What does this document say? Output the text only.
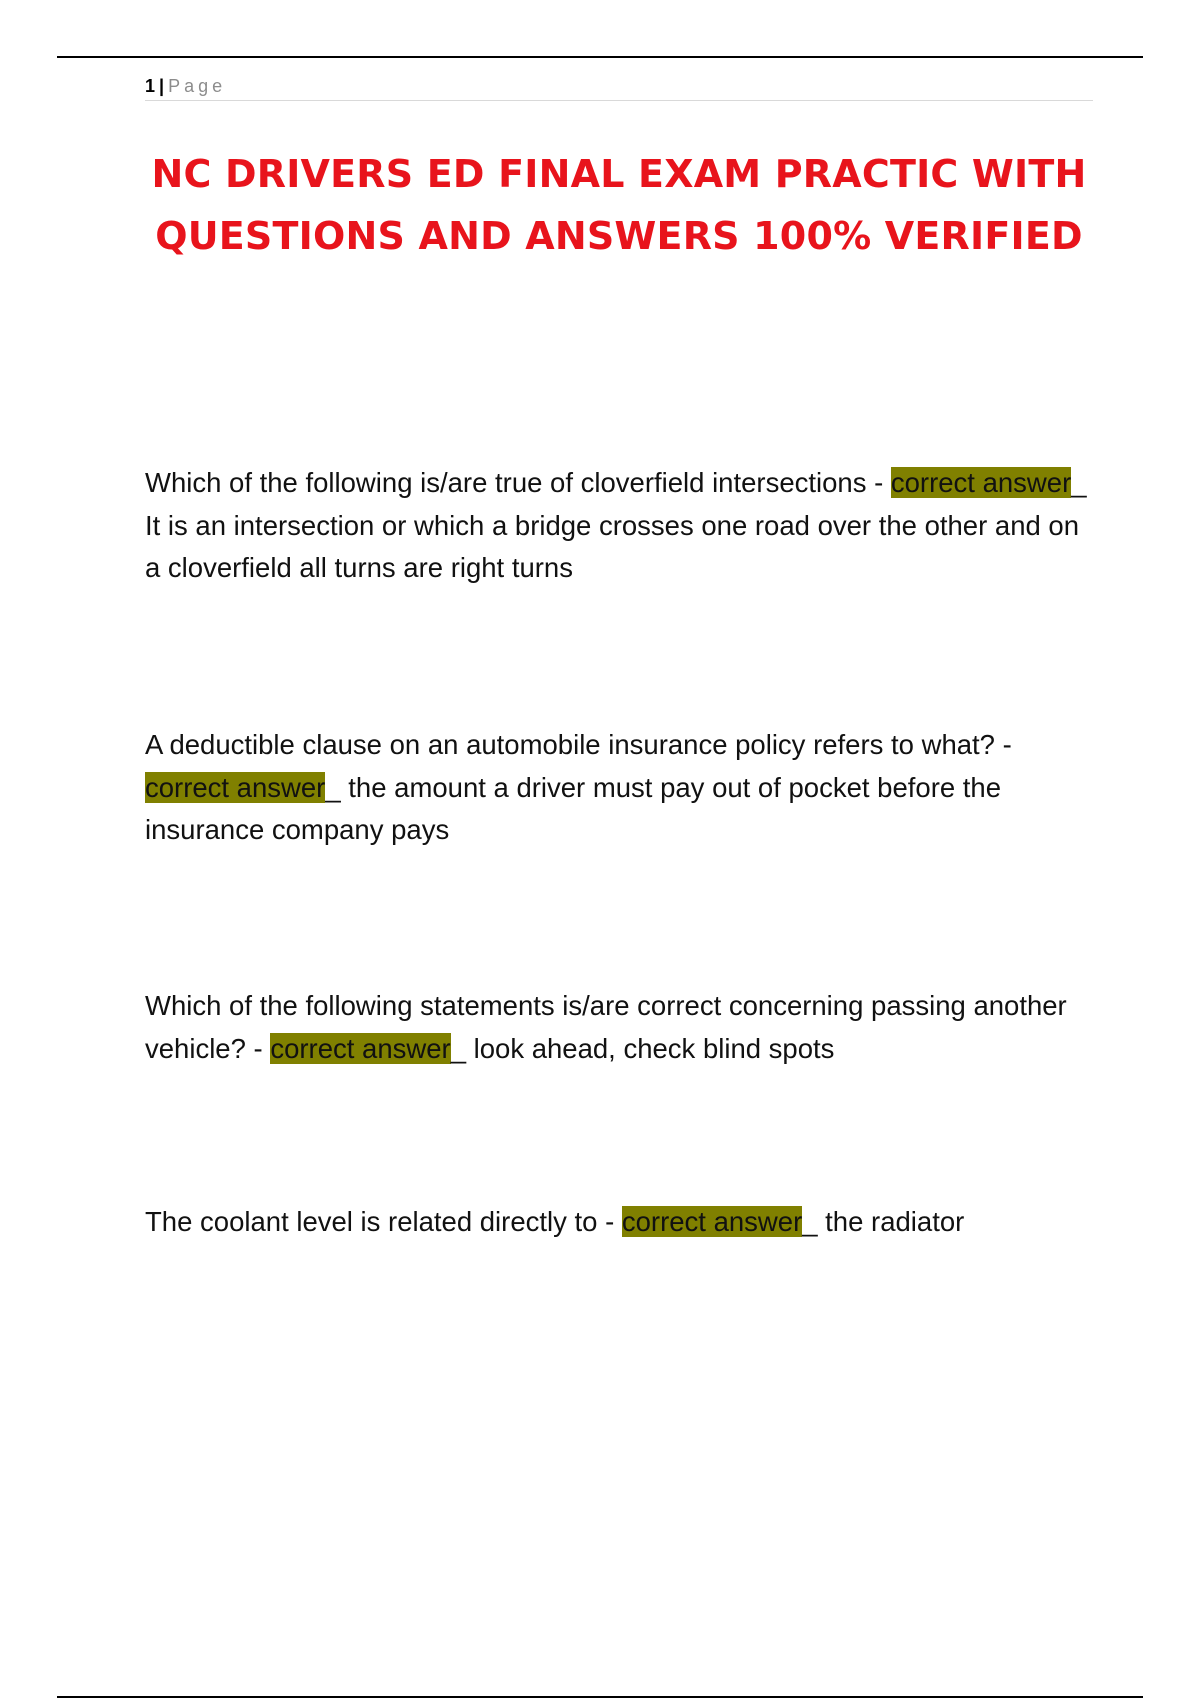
1 | Page
NC DRIVERS ED FINAL EXAM PRACTIC WITH QUESTIONS AND ANSWERS 100% VERIFIED

Which of the following is/are true of cloverfield intersections - correct answer_ It is an intersection or which a bridge crosses one road over the other and on a cloverfield all turns are right turns

A deductible clause on an automobile insurance policy refers to what? - correct answer_ the amount a driver must pay out of pocket before the insurance company pays

Which of the following statements is/are correct concerning passing another vehicle? - correct answer_ look ahead, check blind spots

The coolant level is related directly to - correct answer_ the radiator
